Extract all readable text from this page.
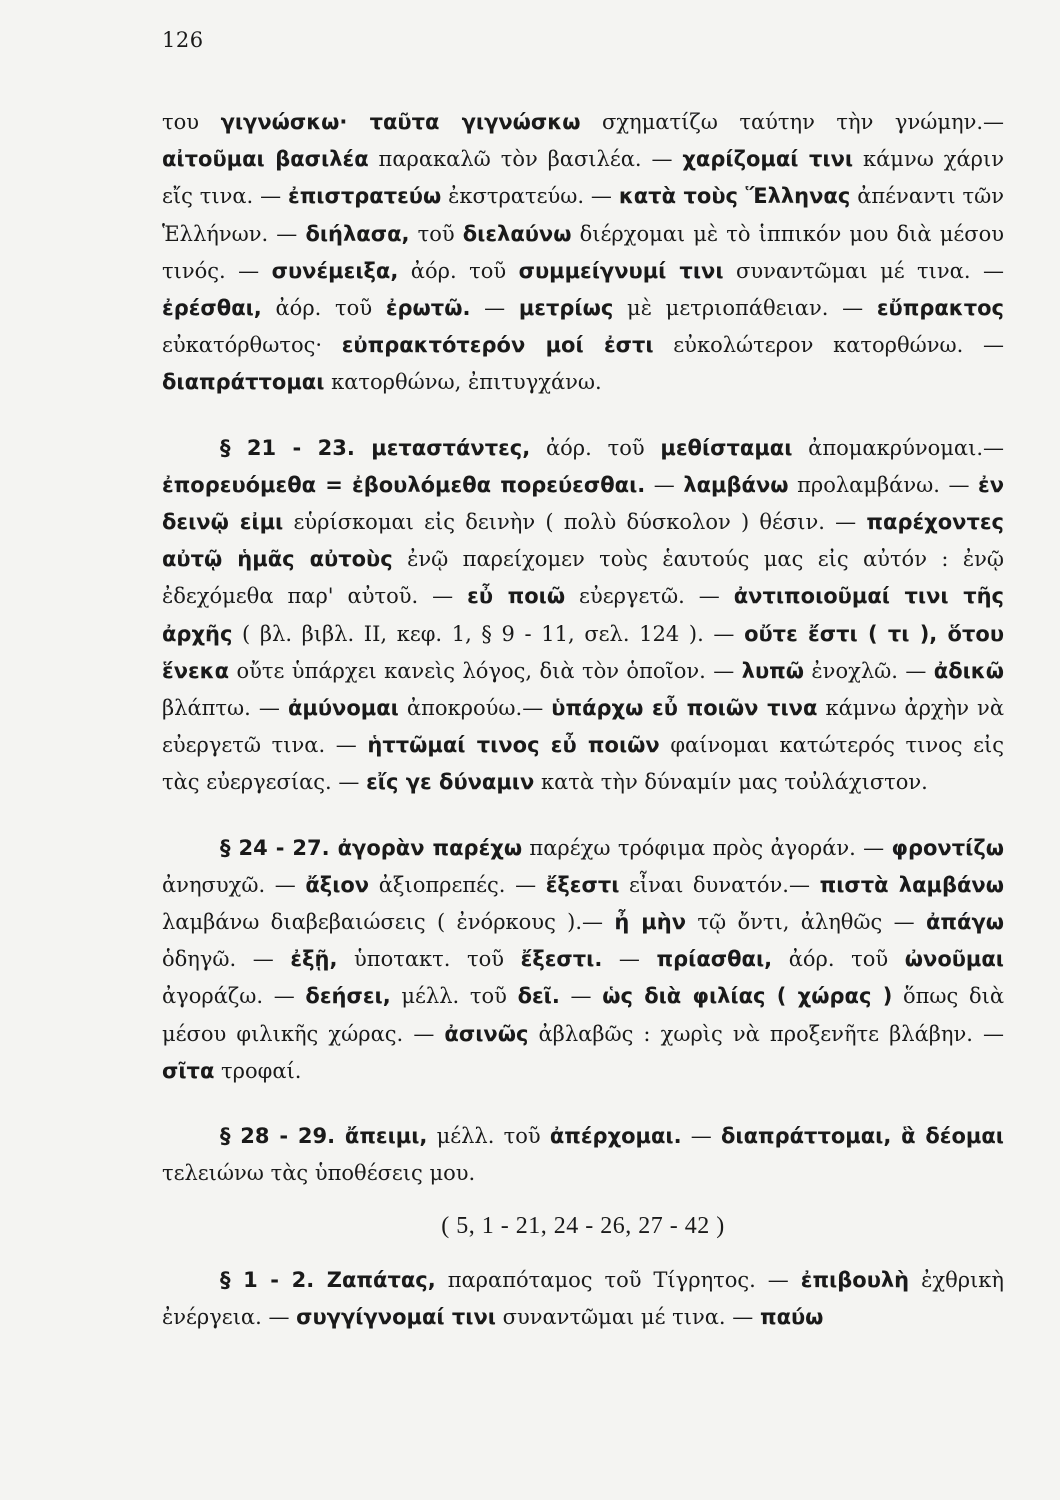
126

του γιγνώσκω· ταῦτα γιγνώσκω σχηματίζω ταύτην τὴν γνώμην.— αἰτοῦμαι βασιλέα παρακαλῶ τὸν βασιλέα. — χαρίζομαί τινι κάμνω χάριν εἴς τινα. — ἐπιστρατεύω ἐκστρατεύω. — κατὰ τοὺς Ἕλληνας ἀπέναντι τῶν Ἑλλήνων. — διήλασα, τοῦ διελαύνω διέρχομαι μὲ τὸ ἱππικόν μου διὰ μέσου τινός. — συνέμειξα, ἀόρ. τοῦ συμμείγνυμί τινι συναντῶμαι μέ τινα. — ἐρέσθαι, ἀόρ. τοῦ ἐρωτῶ. — μετρίως μὲ μετριοπάθειαν. — εὔπρακτος εὐκατόρθωτος· εὐπρακτότερόν μοί ἐστι εὐκολώτερον κατορθώνω. — διαπράττομαι κατορθώνω, ἐπιτυγχάνω.

§ 21 - 23. μεταστάντες, ἀόρ. τοῦ μεθίσταμαι ἀπομακρύνομαι.— ἐπορευόμεθα = ἐβουλόμεθα πορεύεσθαι. — λαμβάνω προλαμβάνω. — ἐν δεινῷ εἰμι εὑρίσκομαι εἰς δεινὴν ( πολὺ δύσκολον ) θέσιν. — παρέχοντες αὐτῷ ἡμᾶς αὐτοὺς ἐνῷ παρείχομεν τοὺς ἑαυτούς μας εἰς αὐτόν : ἐνῷ ἐδεχόμεθα παρ' αὐτοῦ. — εὖ ποιῶ εὐεργετῶ. — ἀντιποιοῦμαί τινι τῆς ἀρχῆς ( βλ. βιβλ. II, κεφ. 1, § 9 - 11, σελ. 124 ). — οὔτε ἔστι ( τι ), ὅτου ἕνεκα οὔτε ὑπάρχει κανεὶς λόγος, διὰ τὸν ὁποῖον. — λυπῶ ἐνοχλῶ. — ἀδικῶ βλάπτω. — ἀμύνομαι ἀποκρούω.— ὑπάρχω εὖ ποιῶν τινα κάμνω ἀρχὴν νὰ εὐεργετῶ τινα. — ἡττῶμαί τινος εὖ ποιῶν φαίνομαι κατώτερός τινος εἰς τὰς εὐεργεσίας. — εἴς γε δύναμιν κατὰ τὴν δύναμίν μας τοὐλάχιστον.

§ 24 - 27. ἀγορὰν παρέχω παρέχω τρόφιμα πρὸς ἀγοράν. — φροντίζω ἀνησυχῶ. — ἄξιον ἀξιοπρεπές. — ἔξεστι εἶναι δυνατόν.— πιστὰ λαμβάνω λαμβάνω διαβεβαιώσεις ( ἐνόρκους ).— ἦ μὴν τῷ ὄντι, ἀληθῶς — ἀπάγω ὁδηγῶ. — ἐξῇ, ὑποτακτ. τοῦ ἔξεστι. — πρίασθαι, ἀόρ. τοῦ ὠνοῦμαι ἀγοράζω. — δεήσει, μέλλ. τοῦ δεῖ. — ὡς διὰ φιλίας ( χώρας ) ὅπως διὰ μέσου φιλικῆς χώρας. — ἀσινῶς ἀβλαβῶς : χωρὶς νὰ προξενῆτε βλάβην. — σῖτα τροφαί.

§ 28 - 29. ἄπειμι, μέλλ. τοῦ ἀπέρχομαι. — διαπράττομαι, ἃ δέομαι τελειώνω τὰς ὑποθέσεις μου.

( 5, 1 - 21, 24 - 26, 27 - 42 )

§ 1 - 2. Ζαπάτας, παραπόταμος τοῦ Τίγρητος. — ἐπιβουλὴ ἐχθρικὴ ἐνέργεια. — συγγίγνομαί τινι συναντῶμαι μέ τινα. — παύω
